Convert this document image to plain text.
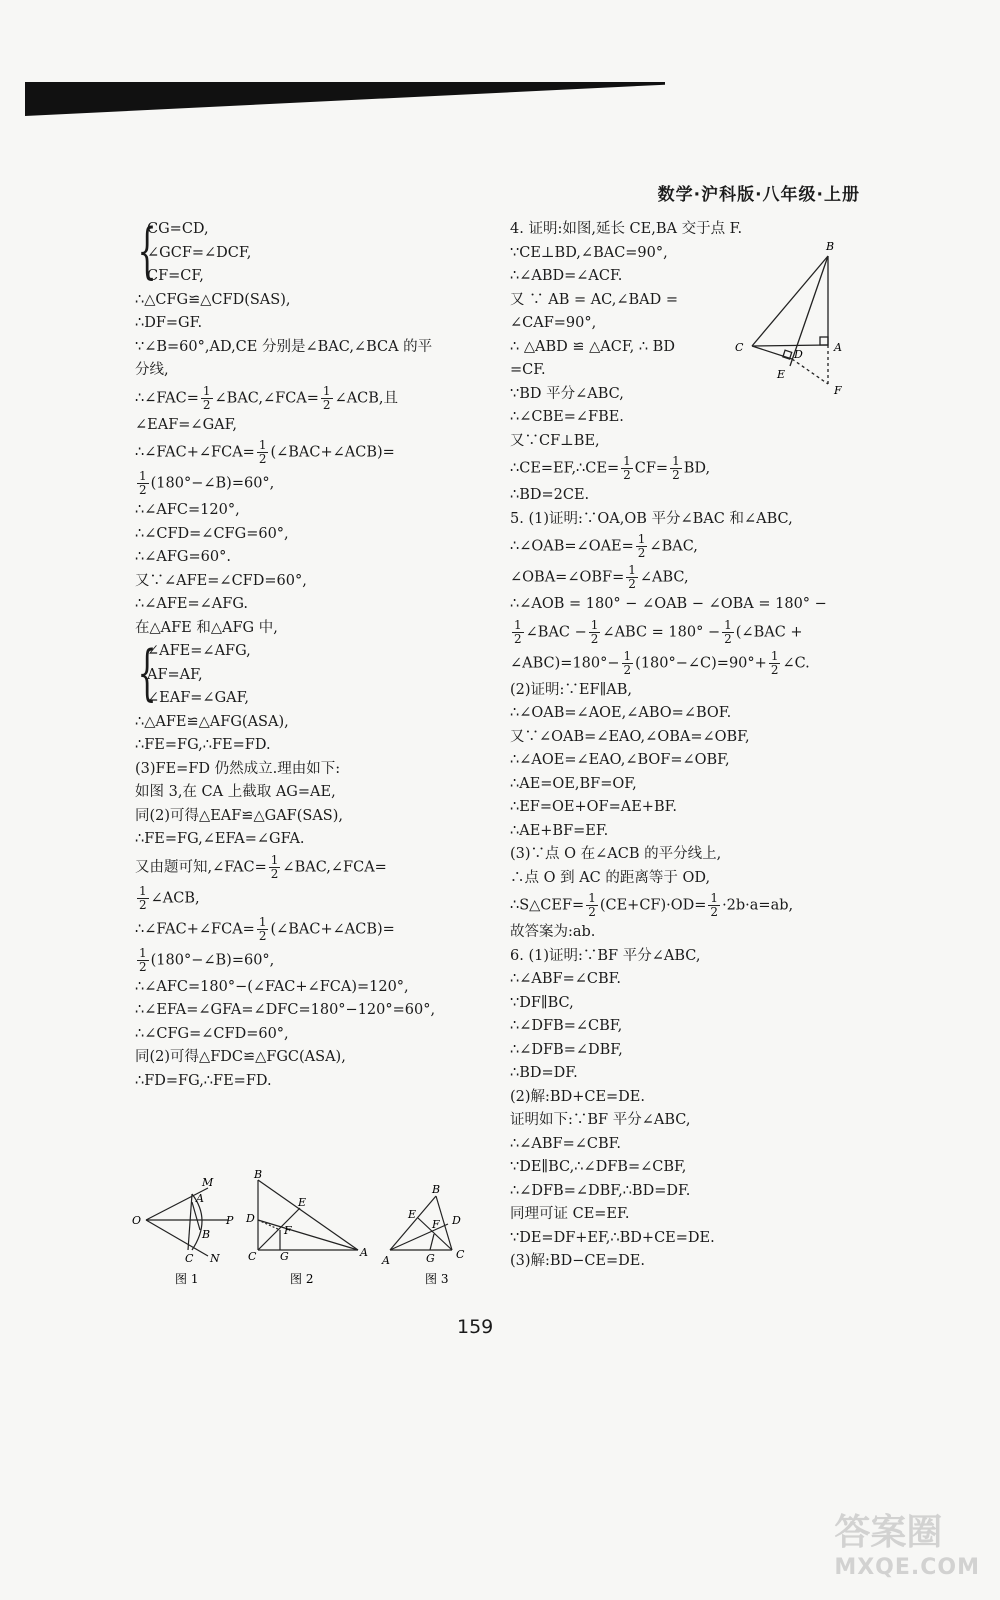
数学·沪科版·八年级·上册
{
CG=CD,
∠GCF=∠DCF,
CF=CF,
∴△CFG≌△CFD(SAS),
∴DF=GF.
∵∠B=60°,AD,CE 分别是∠BAC,∠BCA 的平
分线,
∴∠FAC= $\frac{1}{2}$ ∠BAC,∠FCA= $\frac{1}{2}$ ∠ACB,且
∠EAF=∠GAF,
∴∠FAC+∠FCA= $\frac{1}{2}$ (∠BAC+∠ACB)=
$\frac{1}{2}$ (180°−∠B)=60°,
∴∠AFC=120°,
∴∠CFD=∠CFG=60°,
∴∠AFG=60°.
又∵∠AFE=∠CFD=60°,
∴∠AFE=∠AFG.
在△AFE 和△AFG 中,
{
∠AFE=∠AFG,
AF=AF,
∠EAF=∠GAF,
∴△AFE≌△AFG(ASA),
∴FE=FG,∴FE=FD.
(3)FE=FD 仍然成立.理由如下:
如图 3,在 CA 上截取 AG=AE,
同(2)可得△EAF≌△GAF(SAS),
∴FE=FG,∠EFA=∠GFA.
又由题可知,∠FAC= $\frac{1}{2}$ ∠BAC,∠FCA=
$\frac{1}{2}$ ∠ACB,
∴∠FAC+∠FCA= $\frac{1}{2}$ (∠BAC+∠ACB)=
$\frac{1}{2}$ (180°−∠B)=60°,
∴∠AFC=180°−(∠FAC+∠FCA)=120°,
∴∠EFA=∠GFA=∠DFC=180°−120°=60°,
∴∠CFG=∠CFD=60°,
同(2)可得△FDC≌△FGC(ASA),
∴FD=FG,∴FE=FD.
4. 证明:如图,延长 CE,BA 交于点 F.
∵CE⊥BD,∠BAC=90°,
∴∠ABD=∠ACF.
又 ∵ AB = AC,∠BAD =
∠CAF=90°,
∴ △ABD ≌ △ACF, ∴ BD
=CF.
∵BD 平分∠ABC,
∴∠CBE=∠FBE.
又∵CF⊥BE,
∴CE=EF,∴CE= $\frac{1}{2} CF= \frac{1}{2}$ BD,
∴BD=2CE.
5. (1)证明:∵OA,OB 平分∠BAC 和∠ABC,
∴∠OAB=∠OAE= $\frac{1}{2}$ ∠BAC,
∠OBA=∠OBF= $\frac{1}{2}$ ∠ABC,
∴∠AOB = 180° − ∠OAB − ∠OBA = 180° −
$\frac{1}{2}$ ∠BAC − $\frac{1}{2}$ ∠ABC = $180^\circ - \frac{1}{2}$ (∠BAC +
∠ABC)=180°− $\frac{1}{2}$ (180°−∠C)=90°+ $\frac{1}{2}$ ∠C.
(2)证明:∵EF∥AB,
∴∠OAB=∠AOE,∠ABO=∠BOF.
又∵∠OAB=∠EAO,∠OBA=∠OBF,
∴∠AOE=∠EAO,∠BOF=∠OBF,
∴AE=OE,BF=OF,
∴EF=OE+OF=AE+BF.
∴AE+BF=EF.
(3)∵点 O 在∠ACB 的平分线上,
∴点 O 到 AC 的距离等于 OD,
∴S△CEF= $\frac{1}{2} (CE+CF)\cdot OD= \frac{1}{2} \cdot 2b\cdot a=ab$,
故答案为:ab.
6. (1)证明:∵BF 平分∠ABC,
∴∠ABF=∠CBF.
∵DF∥BC,
∴∠DFB=∠CBF,
∴∠DFB=∠DBF,
∴BD=DF.
(2)解:BD+CE=DE.
证明如下:∵BF 平分∠ABC,
∴∠ABF=∠CBF.
∵DE∥BC,∴∠DFB=∠CBF,
∴∠DFB=∠DBF,∴BD=DF.
同理可证 CE=EF.
∵DE=DF+EF,∴BD+CE=DE.
(3)解:BD−CE=DE.
B
C
D
A
E
F
M
O
A
P
B
C N
图 1
B
E
D
F
C G	A
图 2
B
E	D
F
A	G C
图 3
159
答案圈
MXQE.COM
